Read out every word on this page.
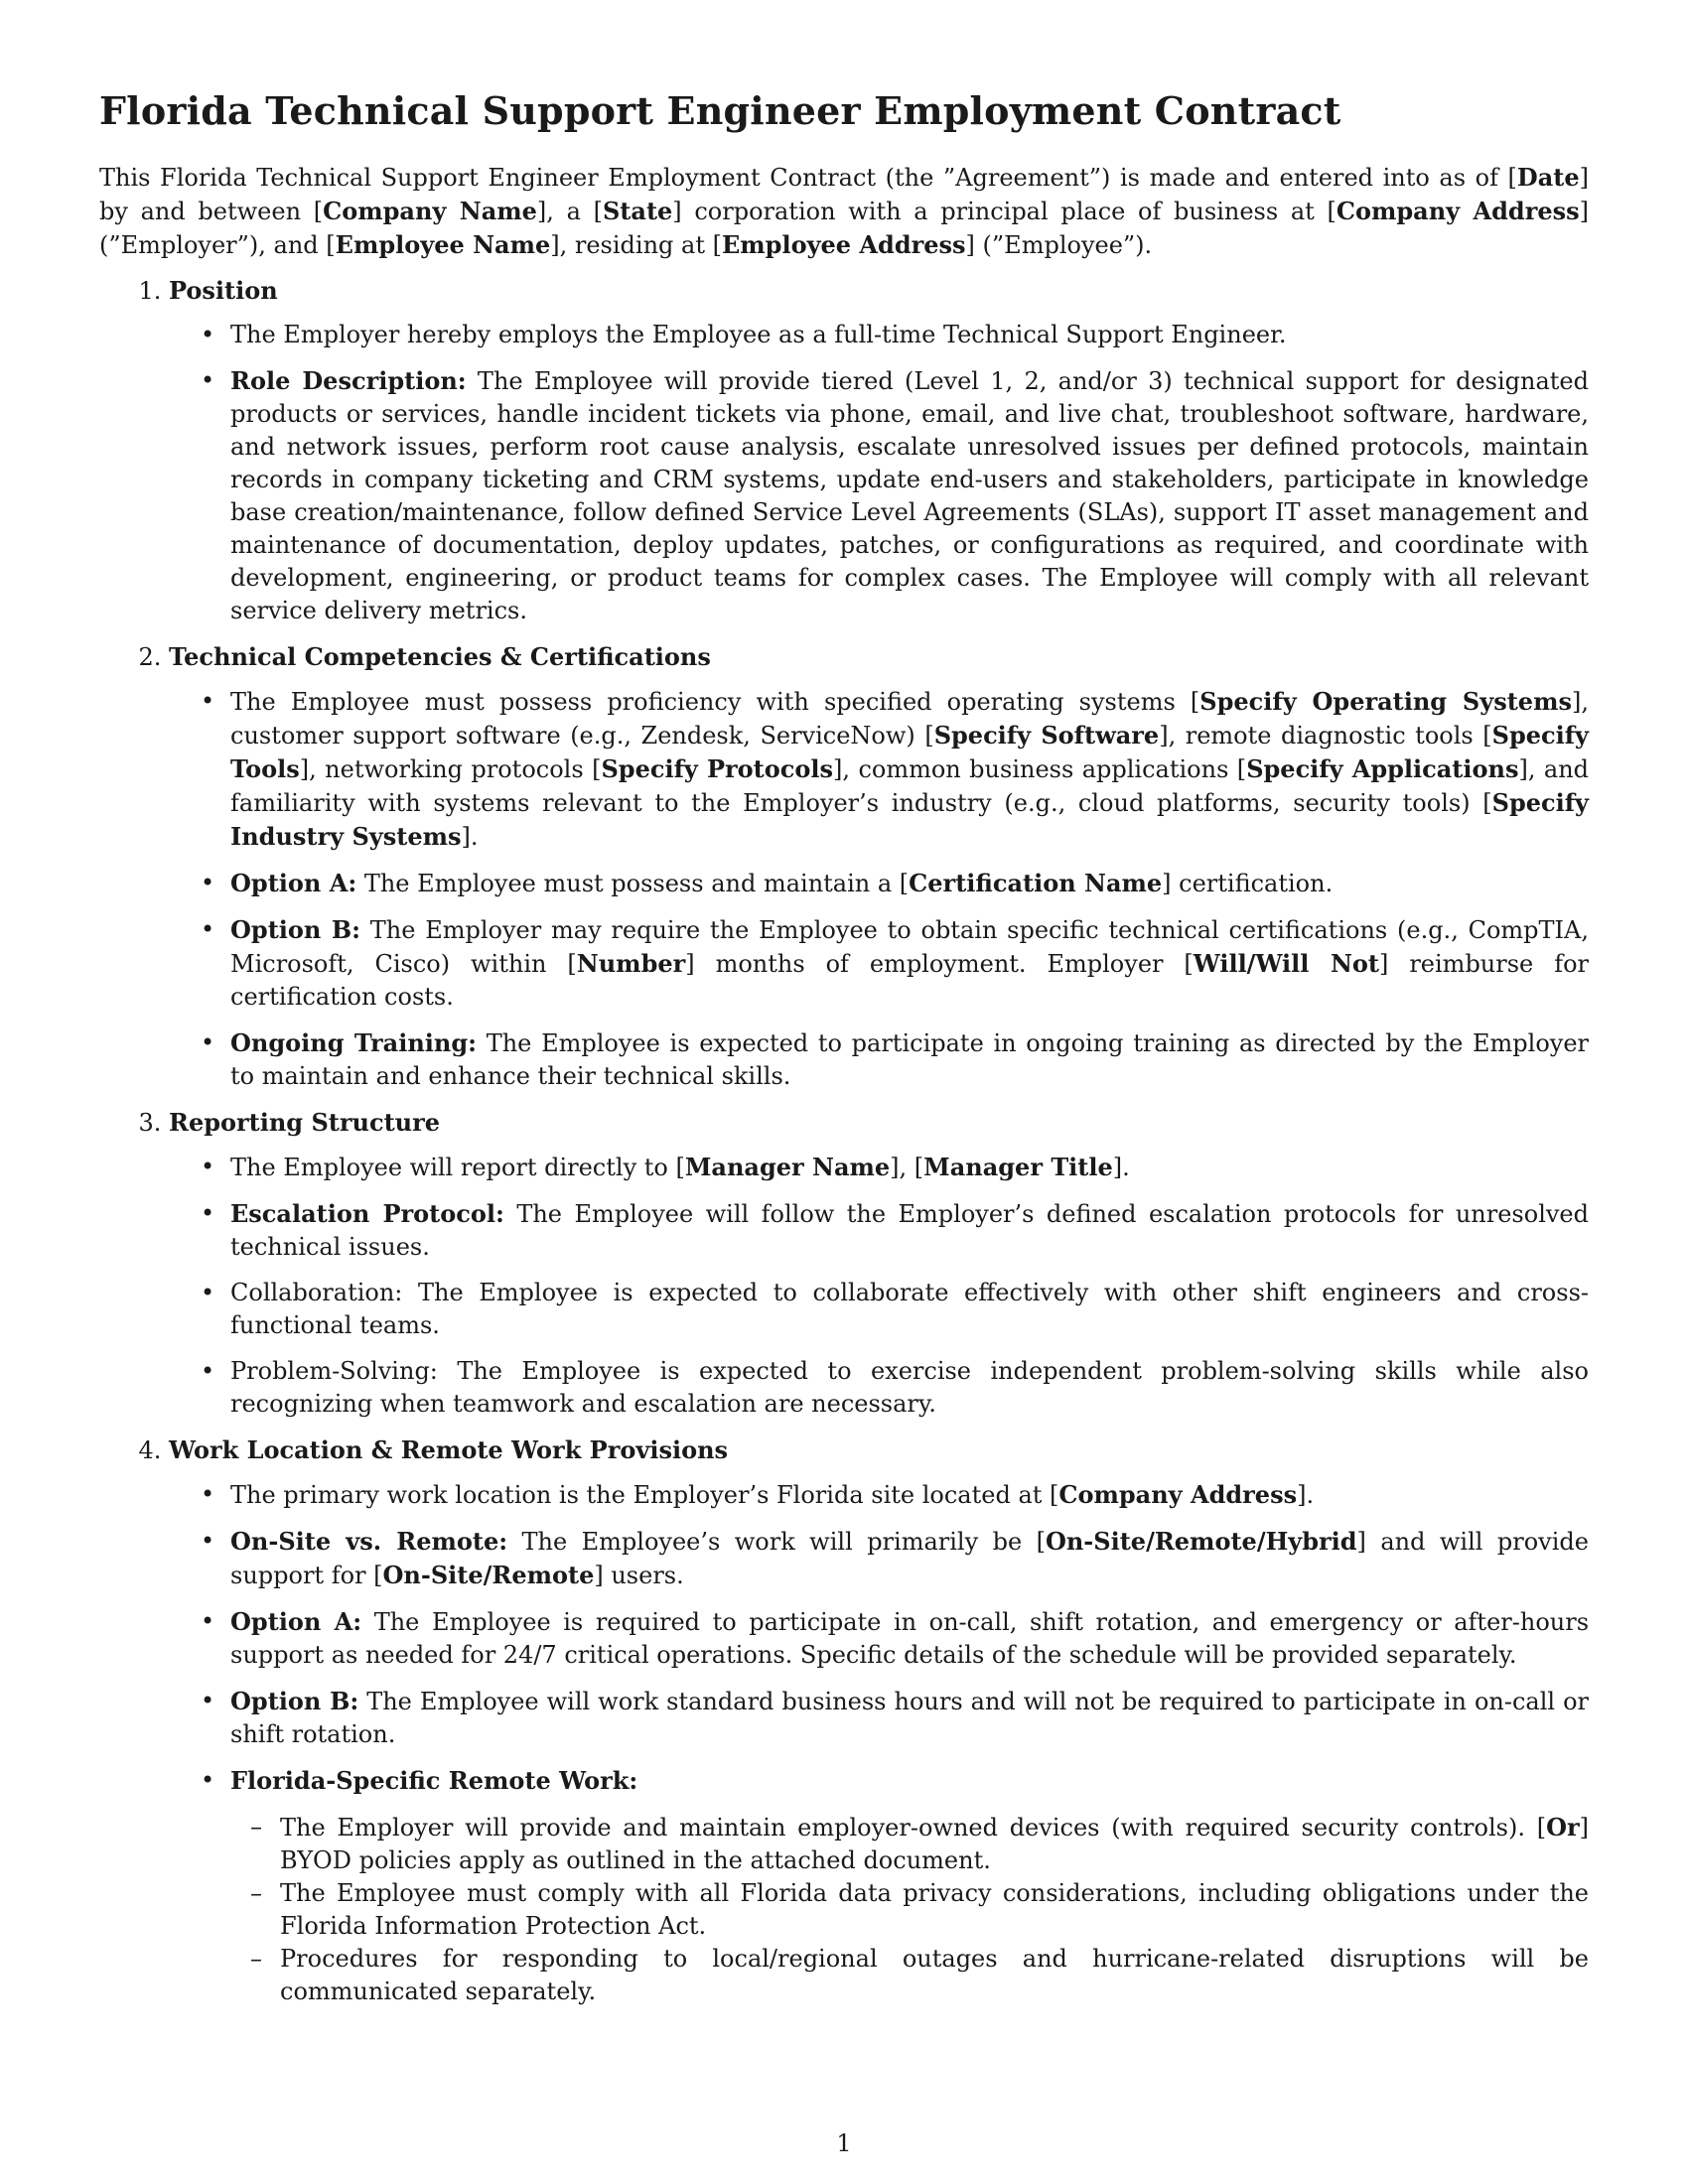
Florida Technical Support Engineer Employment Contract

This Florida Technical Support Engineer Employment Contract (the ”Agreement”) is made and entered into as of [Date] by and between [Company Name], a [State] corporation with a principal place of business at [Company Address] (”Employer”), and [Employee Name], residing at [Employee Address] (”Employee”).

1. Position
• The Employer hereby employs the Employee as a full-time Technical Support Engineer.
• Role Description: The Employee will provide tiered (Level 1, 2, and/or 3) technical support for designated products or services, handle incident tickets via phone, email, and live chat, troubleshoot software, hardware, and network issues, perform root cause analysis, escalate unresolved issues per defined protocols, maintain records in company ticketing and CRM systems, update end-users and stakeholders, participate in knowledge base creation/maintenance, follow defined Service Level Agreements (SLAs), support IT asset management and maintenance of documentation, deploy updates, patches, or configurations as required, and coordinate with development, engineering, or product teams for complex cases. The Employee will comply with all relevant service delivery metrics.
2. Technical Competencies & Certifications
• The Employee must possess proficiency with specified operating systems [Specify Operating Systems], customer support software (e.g., Zendesk, ServiceNow) [Specify Software], remote diagnostic tools [Specify Tools], networking protocols [Specify Protocols], common business applications [Specify Applications], and familiarity with systems relevant to the Employer’s industry (e.g., cloud platforms, security tools) [Specify Industry Systems].
• Option A: The Employee must possess and maintain a [Certification Name] certification.
• Option B: The Employer may require the Employee to obtain specific technical certifications (e.g., CompTIA, Microsoft, Cisco) within [Number] months of employment. Employer [Will/Will Not] reimburse for certification costs.
• Ongoing Training: The Employee is expected to participate in ongoing training as directed by the Employer to maintain and enhance their technical skills.
3. Reporting Structure
• The Employee will report directly to [Manager Name], [Manager Title].
• Escalation Protocol: The Employee will follow the Employer’s defined escalation protocols for unresolved technical issues.
• Collaboration: The Employee is expected to collaborate effectively with other shift engineers and cross-functional teams.
• Problem-Solving: The Employee is expected to exercise independent problem-solving skills while also recognizing when teamwork and escalation are necessary.
4. Work Location & Remote Work Provisions
• The primary work location is the Employer’s Florida site located at [Company Address].
• On-Site vs. Remote: The Employee’s work will primarily be [On-Site/Remote/Hybrid] and will provide support for [On-Site/Remote] users.
• Option A: The Employee is required to participate in on-call, shift rotation, and emergency or after-hours support as needed for 24/7 critical operations. Specific details of the schedule will be provided separately.
• Option B: The Employee will work standard business hours and will not be required to participate in on-call or shift rotation.
• Florida-Specific Remote Work:
– The Employer will provide and maintain employer-owned devices (with required security controls). [Or] BYOD policies apply as outlined in the attached document.
– The Employee must comply with all Florida data privacy considerations, including obligations under the Florida Information Protection Act.
– Procedures for responding to local/regional outages and hurricane-related disruptions will be communicated separately.
1
